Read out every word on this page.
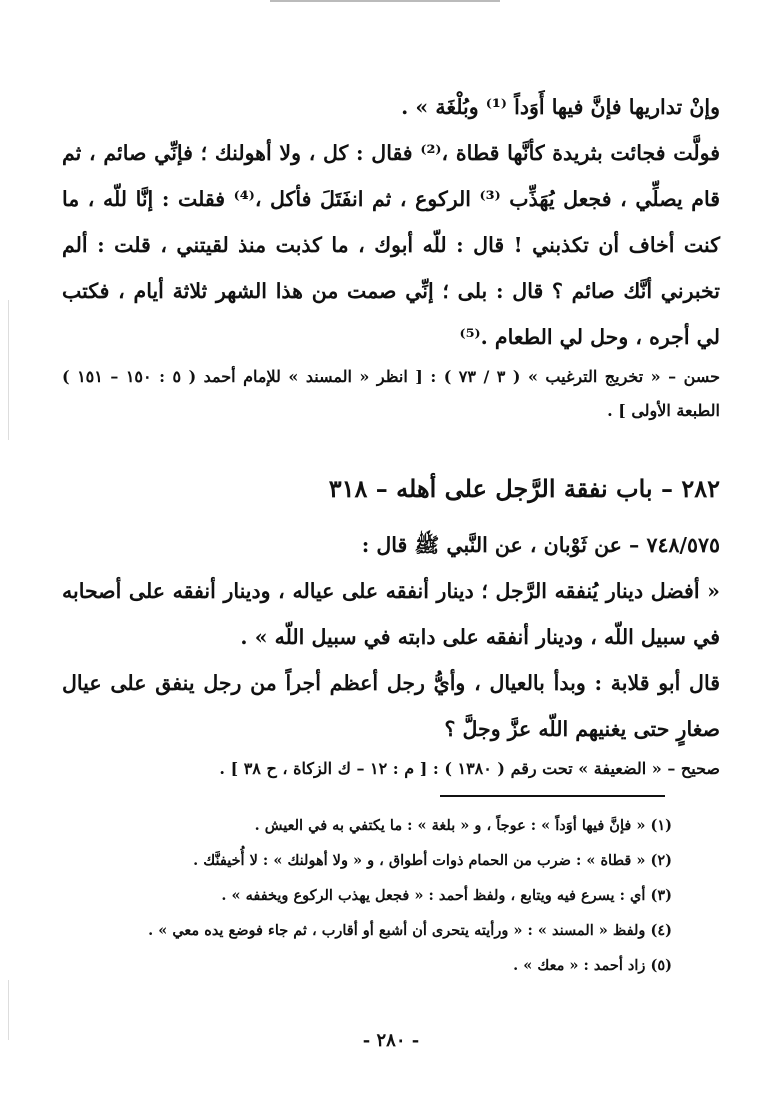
وإنْ تداريها فإنَّ فيها أَوَداً ⁽¹⁾ وبُلْغَة » .

فولَّت فجائت بثريدة كأنَّها قطاة ،⁽²⁾ فقال : كل ، ولا أهولنك ؛ فإنِّي صائم ، ثم قام يصلِّي ، فجعل يُهَذِّب ⁽³⁾ الركوع ، ثم انفَتَلَ فأكل ،⁽⁴⁾ فقلت : إنَّا للّه ، ما كنت أخاف أن تكذبني ! قال : للّه أبوك ، ما كذبت منذ لقيتني ، قلت : ألم تخبرني أنَّك صائم ؟ قال : بلى ؛ إنِّي صمت من هذا الشهر ثلاثة أيام ، فكتب لي أجره ، وحل لي الطعام .⁽⁵⁾

حسن – « تخريج الترغيب » ( ٣ / ٧٣ ) : [ انظر « المسند » للإمام أحمد ( ٥ : ١٥٠ – ١٥١ ) الطبعة الأولى ] .

٢٨٢ – باب نفقة الرَّجل على أهله – ٣١٨

٧٤٨/٥٧٥ – عن ثَوْبان ، عن النَّبي ﷺ قال :

« أفضل دينار يُنفقه الرَّجل ؛ دينار أنفقه على عياله ، ودينار أنفقه على أصحابه في سبيل اللّه ، ودينار أنفقه على دابته في سبيل اللّه » .

قال أبو قلابة : وبدأ بالعيال ، وأيُّ رجل أعظم أجراً من رجل ينفق على عيال صغارٍ حتى يغنيهم اللّه عزَّ وجلَّ ؟

صحيح – « الضعيفة » تحت رقم ( ١٣٨٠ ) : [ م : ١٢ – ك الزكاة ، ح ٣٨ ] .

(١) « فإنَّ فيها أوَداً » : عوجاً ، و « بلغة » : ما يكتفي به في العيش .

(٢) « قطاة » : ضرب من الحمام ذوات أطواق ، و « ولا أهولنك » : لا أُخيفنَّك .

(٣) أي : يسرع فيه ويتابع ، ولفظ أحمد : « فجعل يهذب الركوع ويخففه » .

(٤) ولفظ « المسند » : « ورأيته يتحرى أن أشبع أو أقارب ، ثم جاء فوضع يده معي » .

(٥) زاد أحمد : « معك » .

- ٢٨٠ -
